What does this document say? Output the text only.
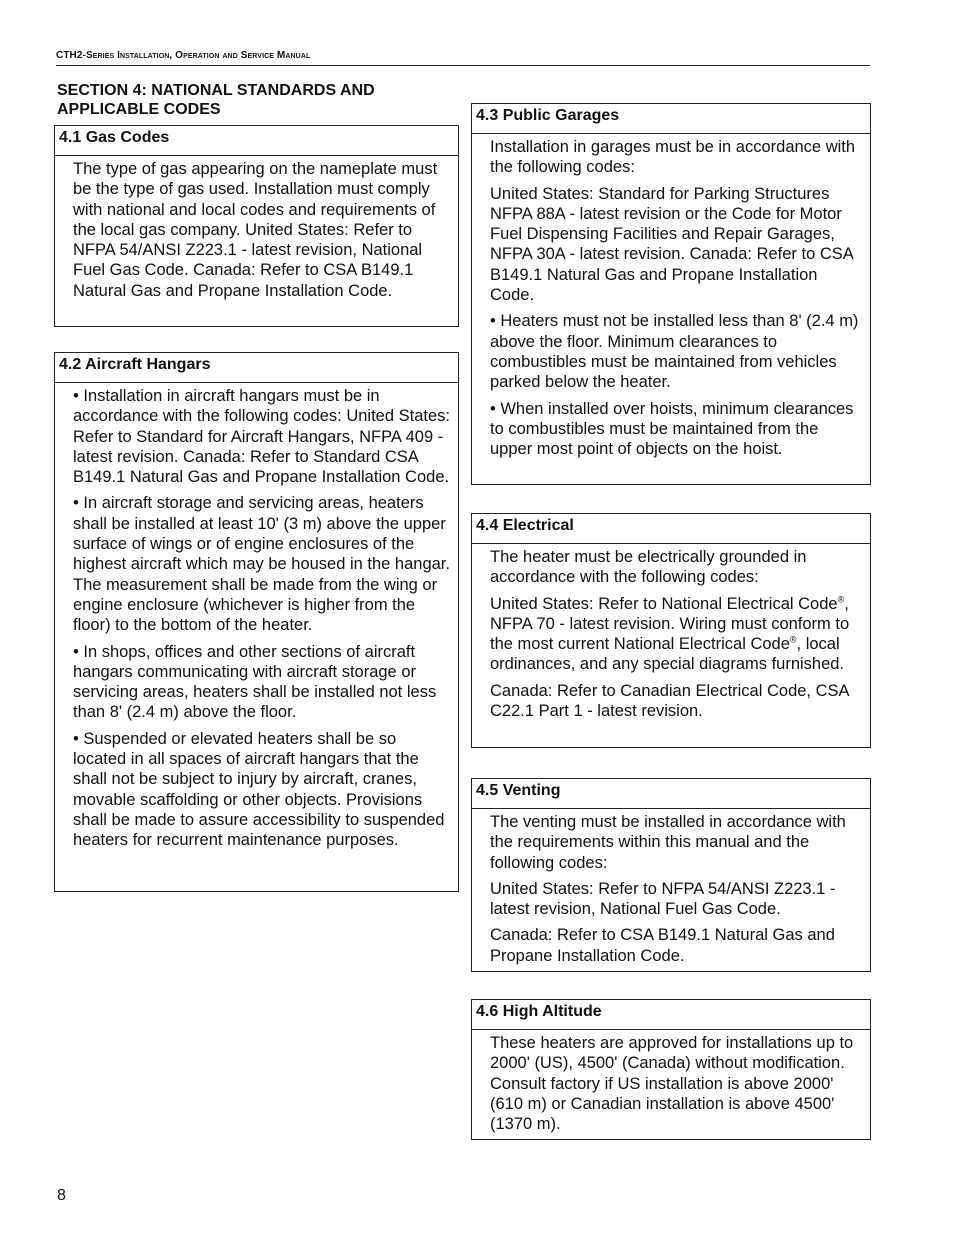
CTH2-Series Installation, Operation and Service Manual
SECTION 4: NATIONAL STANDARDS AND
APPLICABLE CODES
4.1 Gas Codes

The type of gas appearing on the nameplate must be the type of gas used. Installation must comply with national and local codes and requirements of the local gas company. United States: Refer to NFPA 54/ANSI Z223.1 - latest revision, National Fuel Gas Code. Canada: Refer to CSA B149.1 Natural Gas and Propane Installation Code.

4.2 Aircraft Hangars

• Installation in aircraft hangars must be in accordance with the following codes: United States: Refer to Standard for Aircraft Hangars, NFPA 409 - latest revision. Canada: Refer to Standard CSA B149.1 Natural Gas and Propane Installation Code.

• In aircraft storage and servicing areas, heaters shall be installed at least 10' (3 m) above the upper surface of wings or of engine enclosures of the highest aircraft which may be housed in the hangar. The measurement shall be made from the wing or engine enclosure (whichever is higher from the floor) to the bottom of the heater.

• In shops, offices and other sections of aircraft hangars communicating with aircraft storage or servicing areas, heaters shall be installed not less than 8' (2.4 m) above the floor.

• Suspended or elevated heaters shall be so located in all spaces of aircraft hangars that the shall not be subject to injury by aircraft, cranes, movable scaffolding or other objects. Provisions shall be made to assure accessibility to suspended heaters for recurrent maintenance purposes.

4.3 Public Garages

Installation in garages must be in accordance with the following codes:

United States: Standard for Parking Structures NFPA 88A - latest revision or the Code for Motor Fuel Dispensing Facilities and Repair Garages, NFPA 30A - latest revision. Canada: Refer to CSA B149.1 Natural Gas and Propane Installation Code.

• Heaters must not be installed less than 8' (2.4 m) above the floor. Minimum clearances to combustibles must be maintained from vehicles parked below the heater.

• When installed over hoists, minimum clearances to combustibles must be maintained from the upper most point of objects on the hoist.

4.4 Electrical

The heater must be electrically grounded in accordance with the following codes:

United States: Refer to National Electrical Code®, NFPA 70 - latest revision. Wiring must conform to the most current National Electrical Code®, local ordinances, and any special diagrams furnished.

Canada: Refer to Canadian Electrical Code, CSA C22.1 Part 1 - latest revision.

4.5 Venting

The venting must be installed in accordance with the requirements within this manual and the following codes:

United States: Refer to NFPA 54/ANSI Z223.1 - latest revision, National Fuel Gas Code.

Canada: Refer to CSA B149.1 Natural Gas and Propane Installation Code.

4.6 High Altitude

These heaters are approved for installations up to 2000' (US), 4500' (Canada) without modification. Consult factory if US installation is above 2000' (610 m) or Canadian installation is above 4500' (1370 m).

8
